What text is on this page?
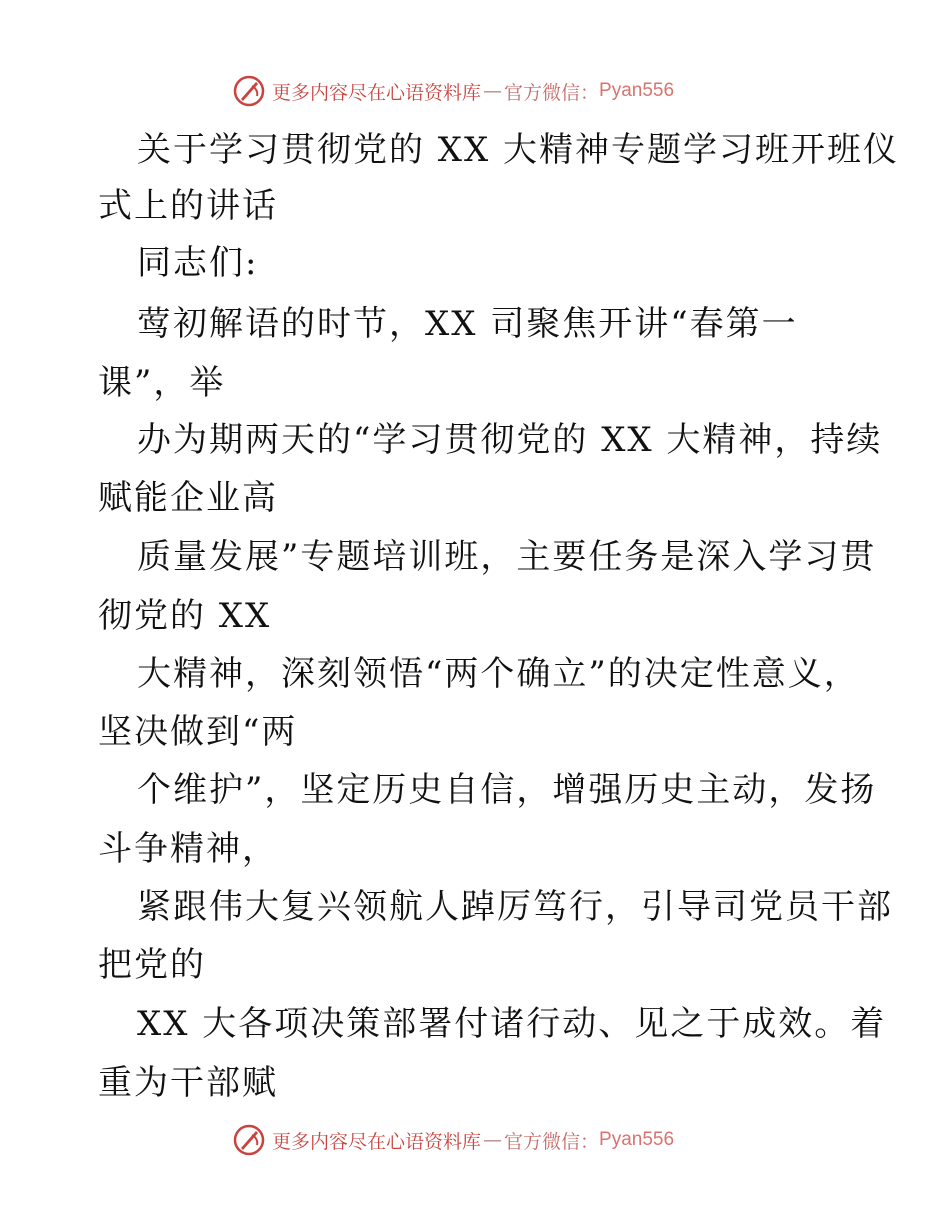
更多内容尽在心语资料库 — 官方微信： Pyan556
关于学习贯彻党的 XX 大精神专题学习班开班仪
式上的讲话
同志们:
莺初解语的时节，XX 司聚焦开讲“春第一
课”，举
办为期两天的“学习贯彻党的 XX 大精神，持续
赋能企业高
质量发展”专题培训班，主要任务是深入学习贯
彻党的 XX
大精神，深刻领悟“两个确立”的决定性意义，
坚决做到“两
个维护”，坚定历史自信，增强历史主动，发扬
斗争精神，
紧跟伟大复兴领航人踔厉笃行，引导司党员干部
把党的
XX 大各项决策部署付诸行动、见之于成效。着
重为干部赋
更多内容尽在心语资料库 — 官方微信： Pyan556
